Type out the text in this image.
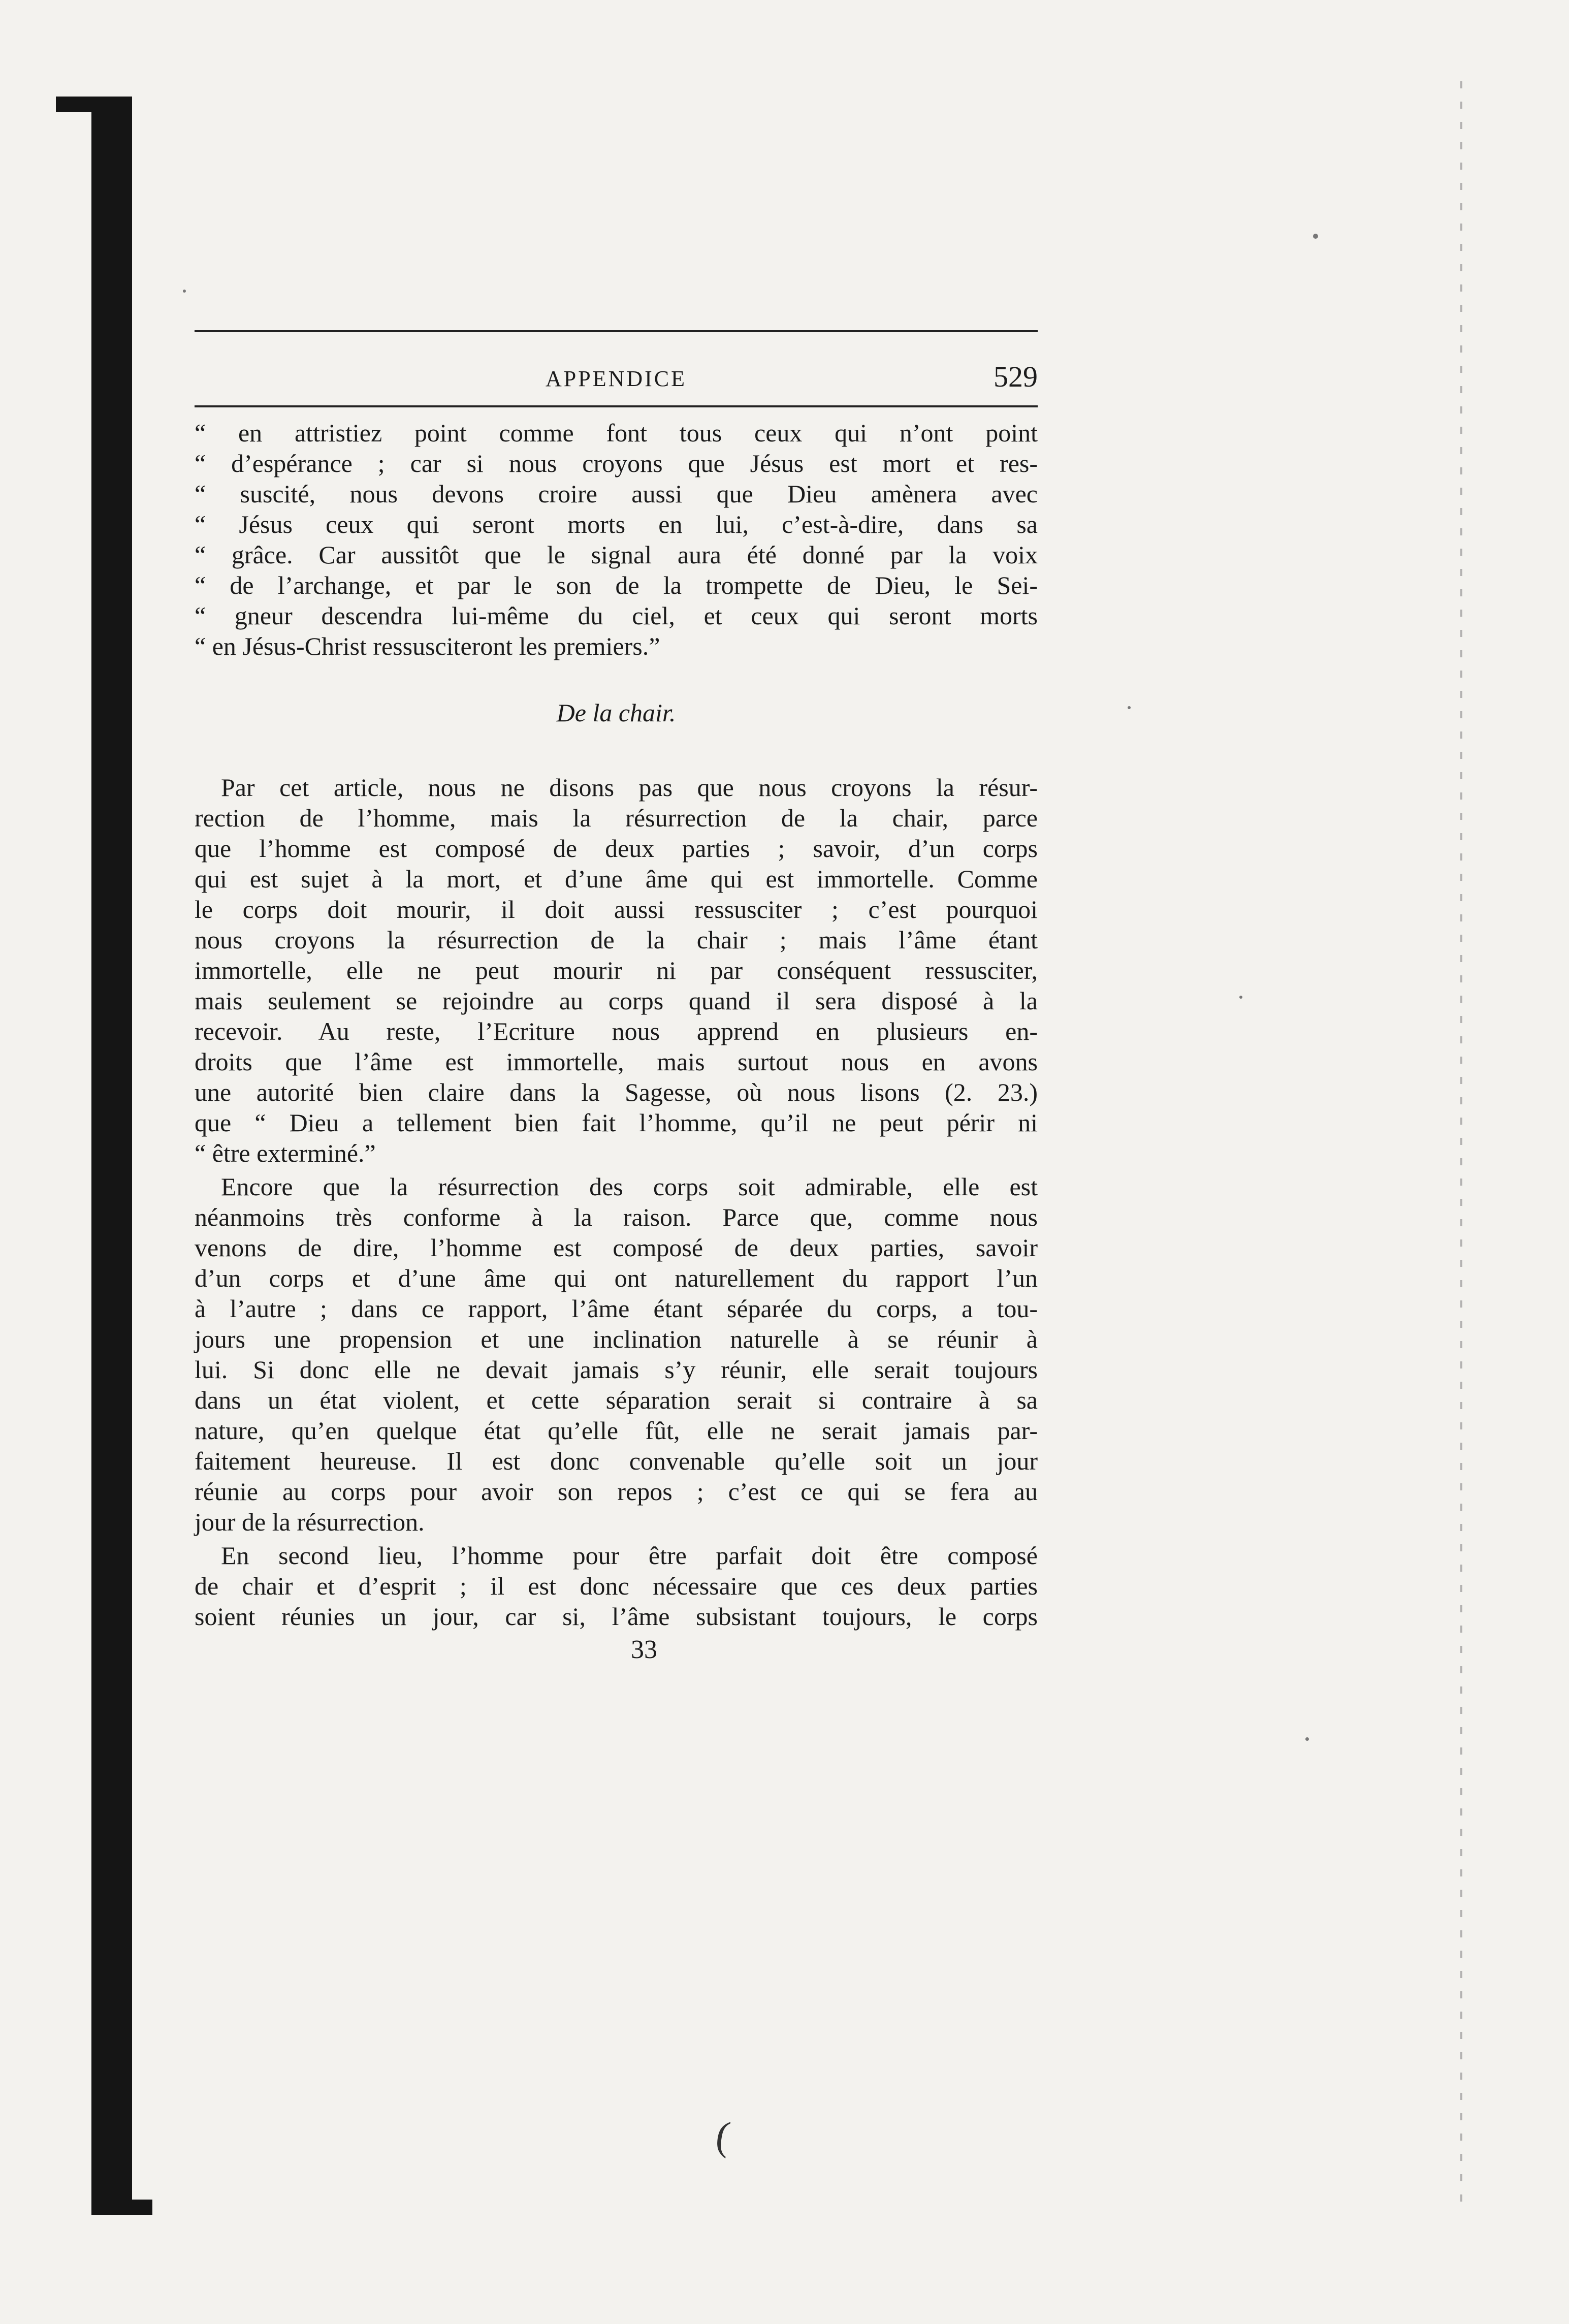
APPENDICE	529
“ en attristiez point comme font tous ceux qui n’ont point
“ d’espérance ; car si nous croyons que Jésus est mort et res-
“ suscité, nous devons croire aussi que Dieu amènera avec
“ Jésus ceux qui seront morts en lui, c’est-à-dire, dans sa
“ grâce. Car aussitôt que le signal aura été donné par la voix
“ de l’archange, et par le son de la trompette de Dieu, le Sei-
“ gneur descendra lui-même du ciel, et ceux qui seront morts
“ en Jésus-Christ ressusciteront les premiers.”
De la chair.
Par cet article, nous ne disons pas que nous croyons la résur-
rection de l’homme, mais la résurrection de la chair, parce
que l’homme est composé de deux parties ; savoir, d’un corps
qui est sujet à la mort, et d’une âme qui est immortelle. Comme
le corps doit mourir, il doit aussi ressusciter ; c’est pourquoi
nous croyons la résurrection de la chair ; mais l’âme étant
immortelle, elle ne peut mourir ni par conséquent ressusciter,
mais seulement se rejoindre au corps quand il sera disposé à la
recevoir. Au reste, l’Ecriture nous apprend en plusieurs en-
droits que l’âme est immortelle, mais surtout nous en avons
une autorité bien claire dans la Sagesse, où nous lisons (2. 23.)
que “ Dieu a tellement bien fait l’homme, qu’il ne peut périr ni
“ être exterminé.”
Encore que la résurrection des corps soit admirable, elle est
néanmoins très conforme à la raison. Parce que, comme nous
venons de dire, l’homme est composé de deux parties, savoir
d’un corps et d’une âme qui ont naturellement du rapport l’un
à l’autre ; dans ce rapport, l’âme étant séparée du corps, a tou-
jours une propension et une inclination naturelle à se réunir à
lui. Si donc elle ne devait jamais s’y réunir, elle serait toujours
dans un état violent, et cette séparation serait si contraire à sa
nature, qu’en quelque état qu’elle fût, elle ne serait jamais par-
faitement heureuse. Il est donc convenable qu’elle soit un jour
réunie au corps pour avoir son repos ; c’est ce qui se fera au
jour de la résurrection.
En second lieu, l’homme pour être parfait doit être composé
de chair et d’esprit ; il est donc nécessaire que ces deux parties
soient réunies un jour, car si, l’âme subsistant toujours, le corps
33
(
